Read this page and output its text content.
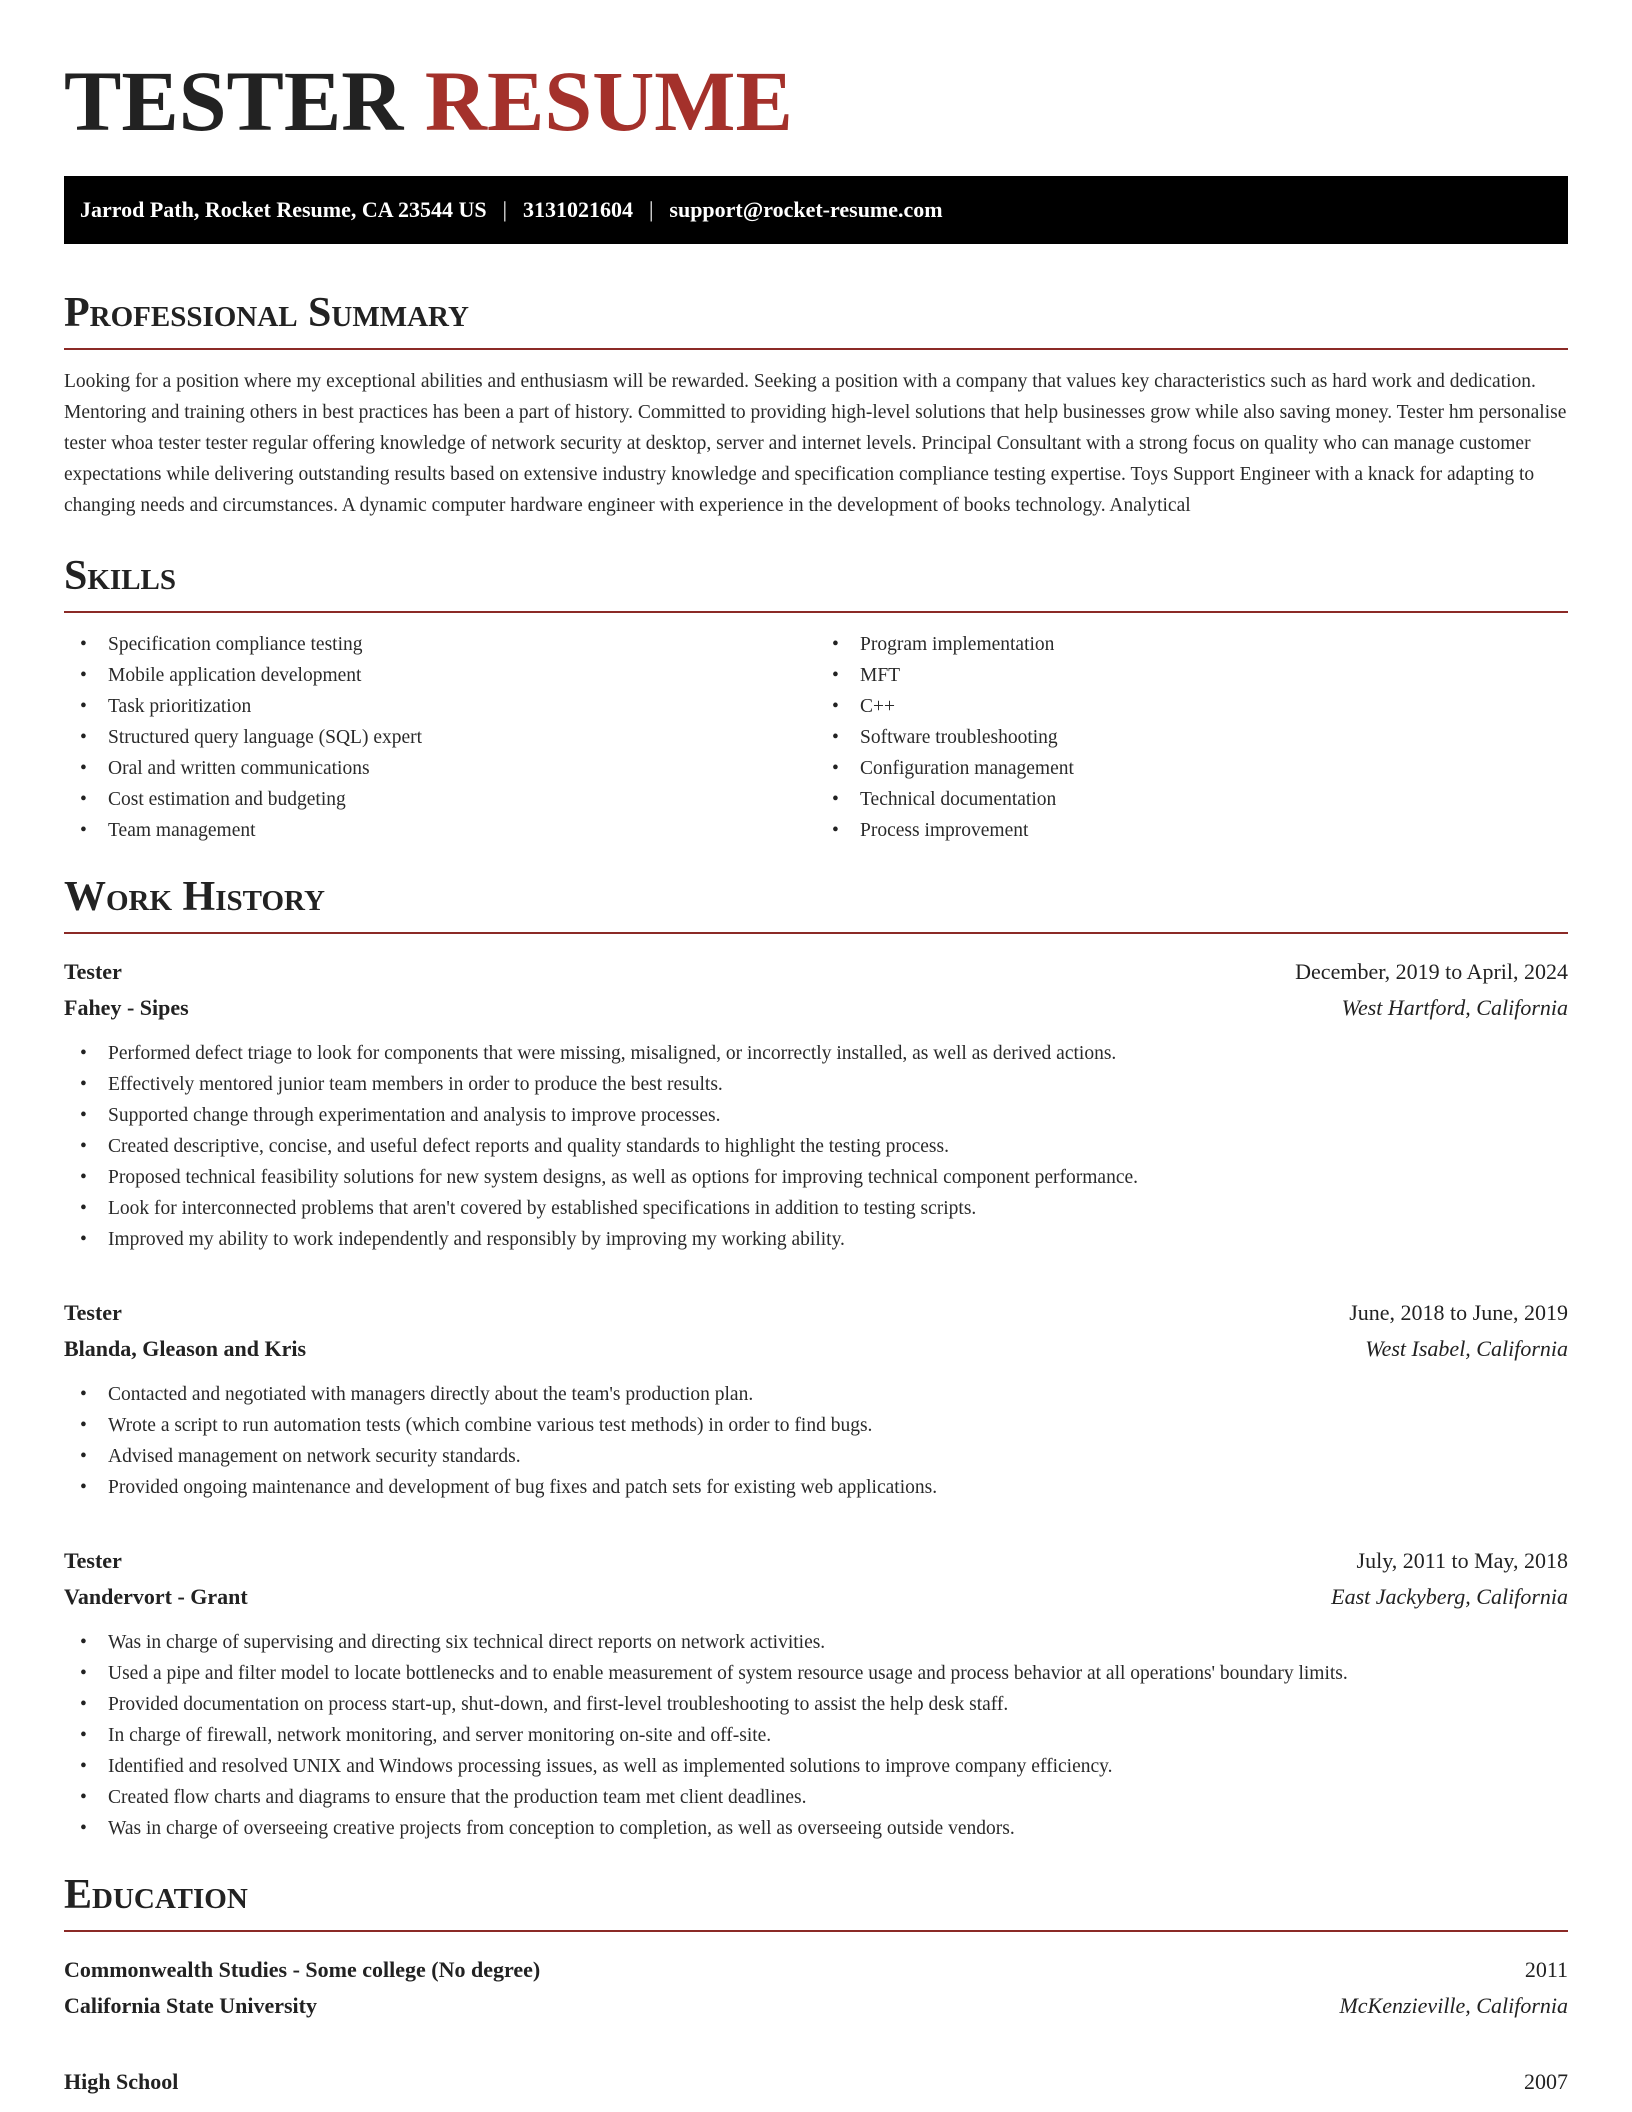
TESTER RESUME
Jarrod Path, Rocket Resume, CA 23544 US | 3131021604 | support@rocket-resume.com
Professional Summary

Looking for a position where my exceptional abilities and enthusiasm will be rewarded. Seeking a position with a company that values key characteristics such as hard work and dedication. Mentoring and training others in best practices has been a part of history. Committed to providing high-level solutions that help businesses grow while also saving money. Tester hm personalise tester whoa tester tester regular offering knowledge of network security at desktop, server and internet levels. Principal Consultant with a strong focus on quality who can manage customer expectations while delivering outstanding results based on extensive industry knowledge and specification compliance testing expertise. Toys Support Engineer with a knack for adapting to changing needs and circumstances. A dynamic computer hardware engineer with experience in the development of books technology. Analytical

Skills
• Specification compliance testing
• Mobile application development
• Task prioritization
• Structured query language (SQL) expert
• Oral and written communications
• Cost estimation and budgeting
• Team management
• Program implementation
• MFT
• C++
• Software troubleshooting
• Configuration management
• Technical documentation
• Process improvement
Work History
Tester	December, 2019 to April, 2024
Fahey - Sipes	West Hartford, California
• Performed defect triage to look for components that were missing, misaligned, or incorrectly installed, as well as derived actions.
• Effectively mentored junior team members in order to produce the best results.
• Supported change through experimentation and analysis to improve processes.
• Created descriptive, concise, and useful defect reports and quality standards to highlight the testing process.
• Proposed technical feasibility solutions for new system designs, as well as options for improving technical component performance.
• Look for interconnected problems that aren't covered by established specifications in addition to testing scripts.
• Improved my ability to work independently and responsibly by improving my working ability.
Tester	June, 2018 to June, 2019
Blanda, Gleason and Kris	West Isabel, California
• Contacted and negotiated with managers directly about the team's production plan.
• Wrote a script to run automation tests (which combine various test methods) in order to find bugs.
• Advised management on network security standards.
• Provided ongoing maintenance and development of bug fixes and patch sets for existing web applications.
Tester	July, 2011 to May, 2018
Vandervort - Grant	East Jackyberg, California
• Was in charge of supervising and directing six technical direct reports on network activities.
• Used a pipe and filter model to locate bottlenecks and to enable measurement of system resource usage and process behavior at all operations' boundary limits.
• Provided documentation on process start-up, shut-down, and first-level troubleshooting to assist the help desk staff.
• In charge of firewall, network monitoring, and server monitoring on-site and off-site.
• Identified and resolved UNIX and Windows processing issues, as well as implemented solutions to improve company efficiency.
• Created flow charts and diagrams to ensure that the production team met client deadlines.
• Was in charge of overseeing creative projects from conception to completion, as well as overseeing outside vendors.
Education
Commonwealth Studies - Some college (No degree)	2011
California State University	McKenzieville, California
High School	2007
